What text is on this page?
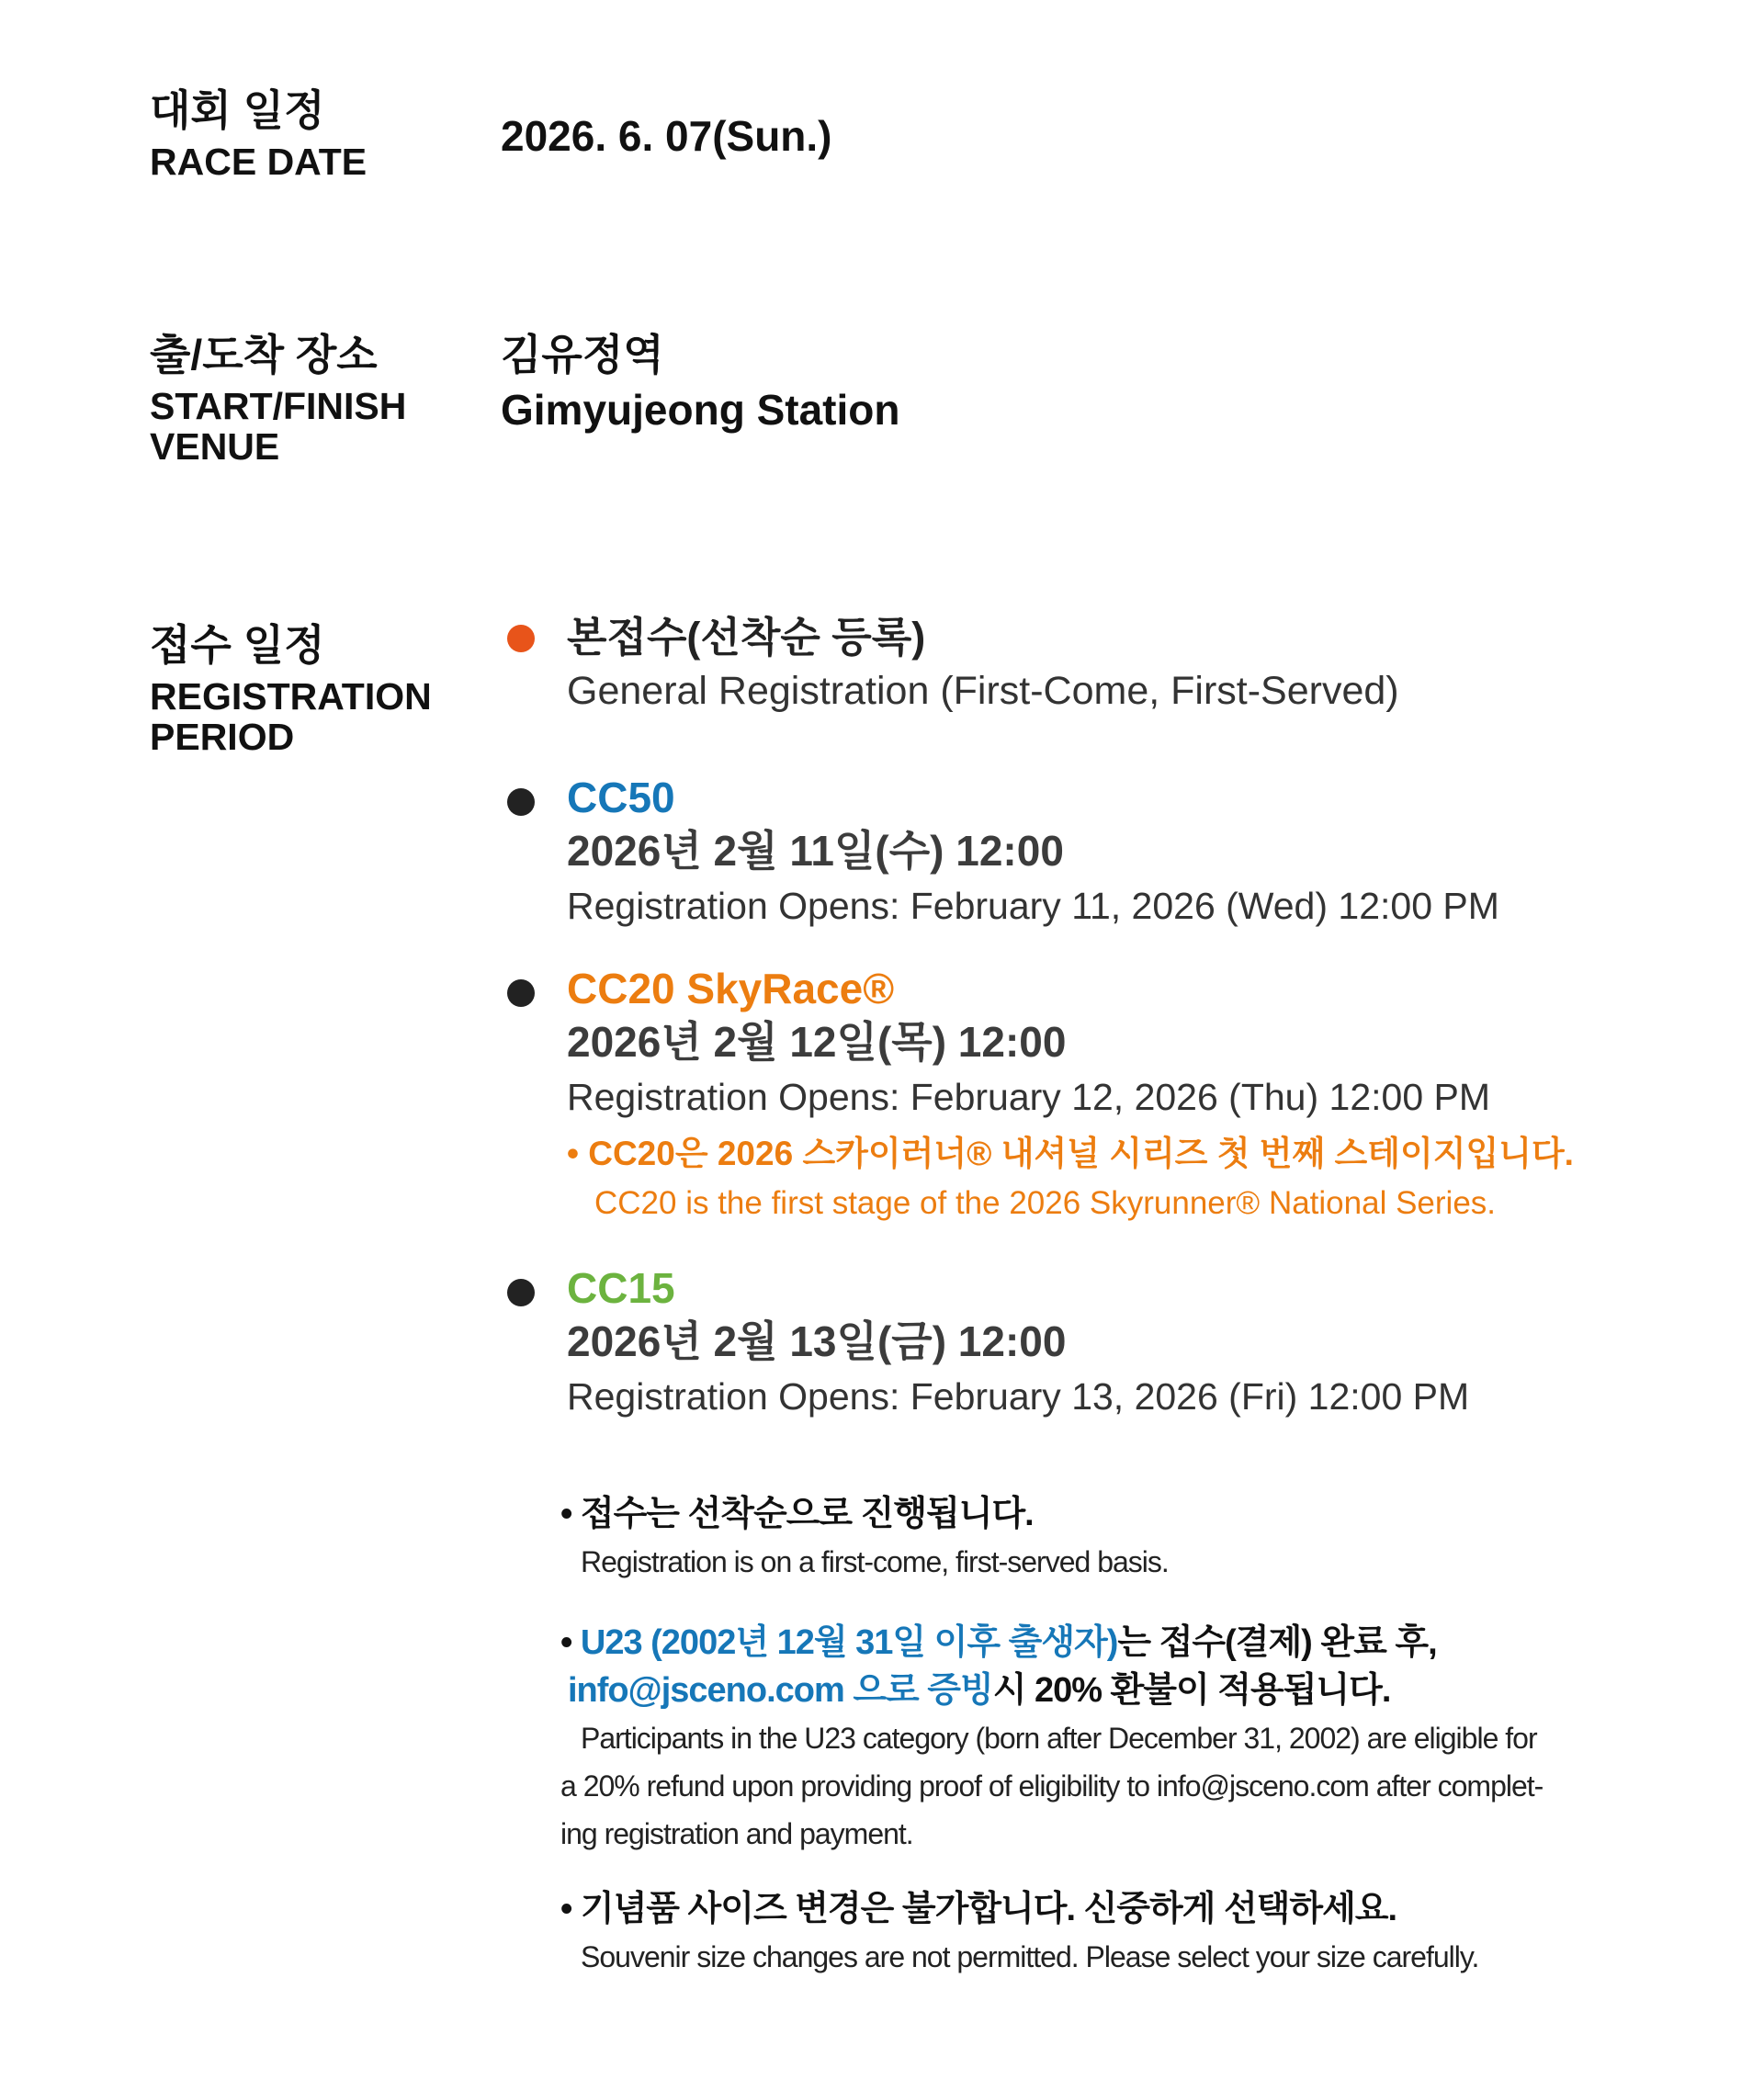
대회 일정
RACE DATE
2026. 6. 07(Sun.)
출/도착 장소
START/FINISH
VENUE
김유정역
Gimyujeong Station
접수 일정
REGISTRATION
PERIOD
본접수(선착순 등록)
General Registration (First-Come, First-Served)
CC50
2026년 2월 11일(수) 12:00
Registration Opens: February 11, 2026 (Wed) 12:00 PM
CC20 SkyRace®
2026년 2월 12일(목) 12:00
Registration Opens: February 12, 2026 (Thu) 12:00 PM
• CC20은 2026 스카이러너® 내셔널 시리즈 첫 번째 스테이지입니다.
CC20 is the first stage of the 2026 Skyrunner® National Series.
CC15
2026년 2월 13일(금) 12:00
Registration Opens: February 13, 2026 (Fri) 12:00 PM
• 접수는 선착순으로 진행됩니다.
Registration is on a first-come, first-served basis.
• U23 (2002년 12월 31일 이후 출생자)는 접수(결제) 완료 후,
info@jsceno.com 으로 증빙시 20% 환불이 적용됩니다.
Participants in the U23 category (born after December 31, 2002) are eligible for
a 20% refund upon providing proof of eligibility to info@jsceno.com after complet-
ing registration and payment.
• 기념품 사이즈 변경은 불가합니다. 신중하게 선택하세요.
Souvenir size changes are not permitted. Please select your size carefully.
